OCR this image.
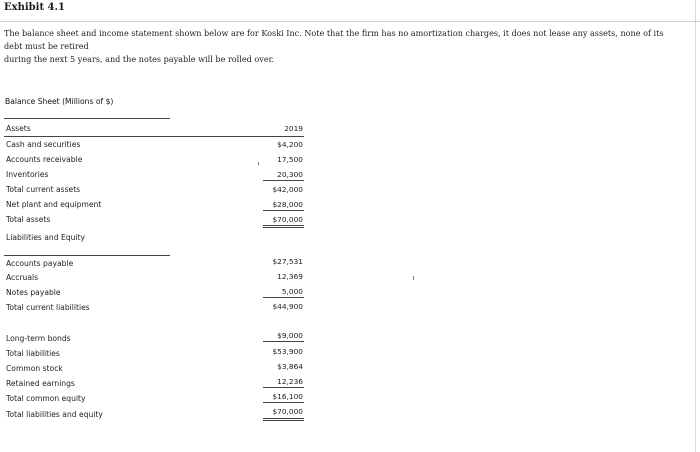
Exhibit 4.1
The balance sheet and income statement shown below are for Koski Inc. Note that the firm has no amortization charges, it does not lease any assets, none of its debt must be retired
during the next 5 years, and the notes payable will be rolled over.
Balance Sheet (Millions of $)
Assets	2019
Cash and securities	$4,200
Accounts receivable	17,500
Inventories	20,300
Total current assets	$42,000
Net plant and equipment	$28,000
Total assets	$70,000
Liabilities and Equity
Accounts payable	$27,531
Accruals	12,369
Notes payable	5,000
Total current liabilities	$44,900
Long-term bonds	$9,000
Total liabilities	$53,900
Common stock	$3,864
Retained earnings	12,236
Total common equity	$16,100
Total liabilities and equity	$70,000
